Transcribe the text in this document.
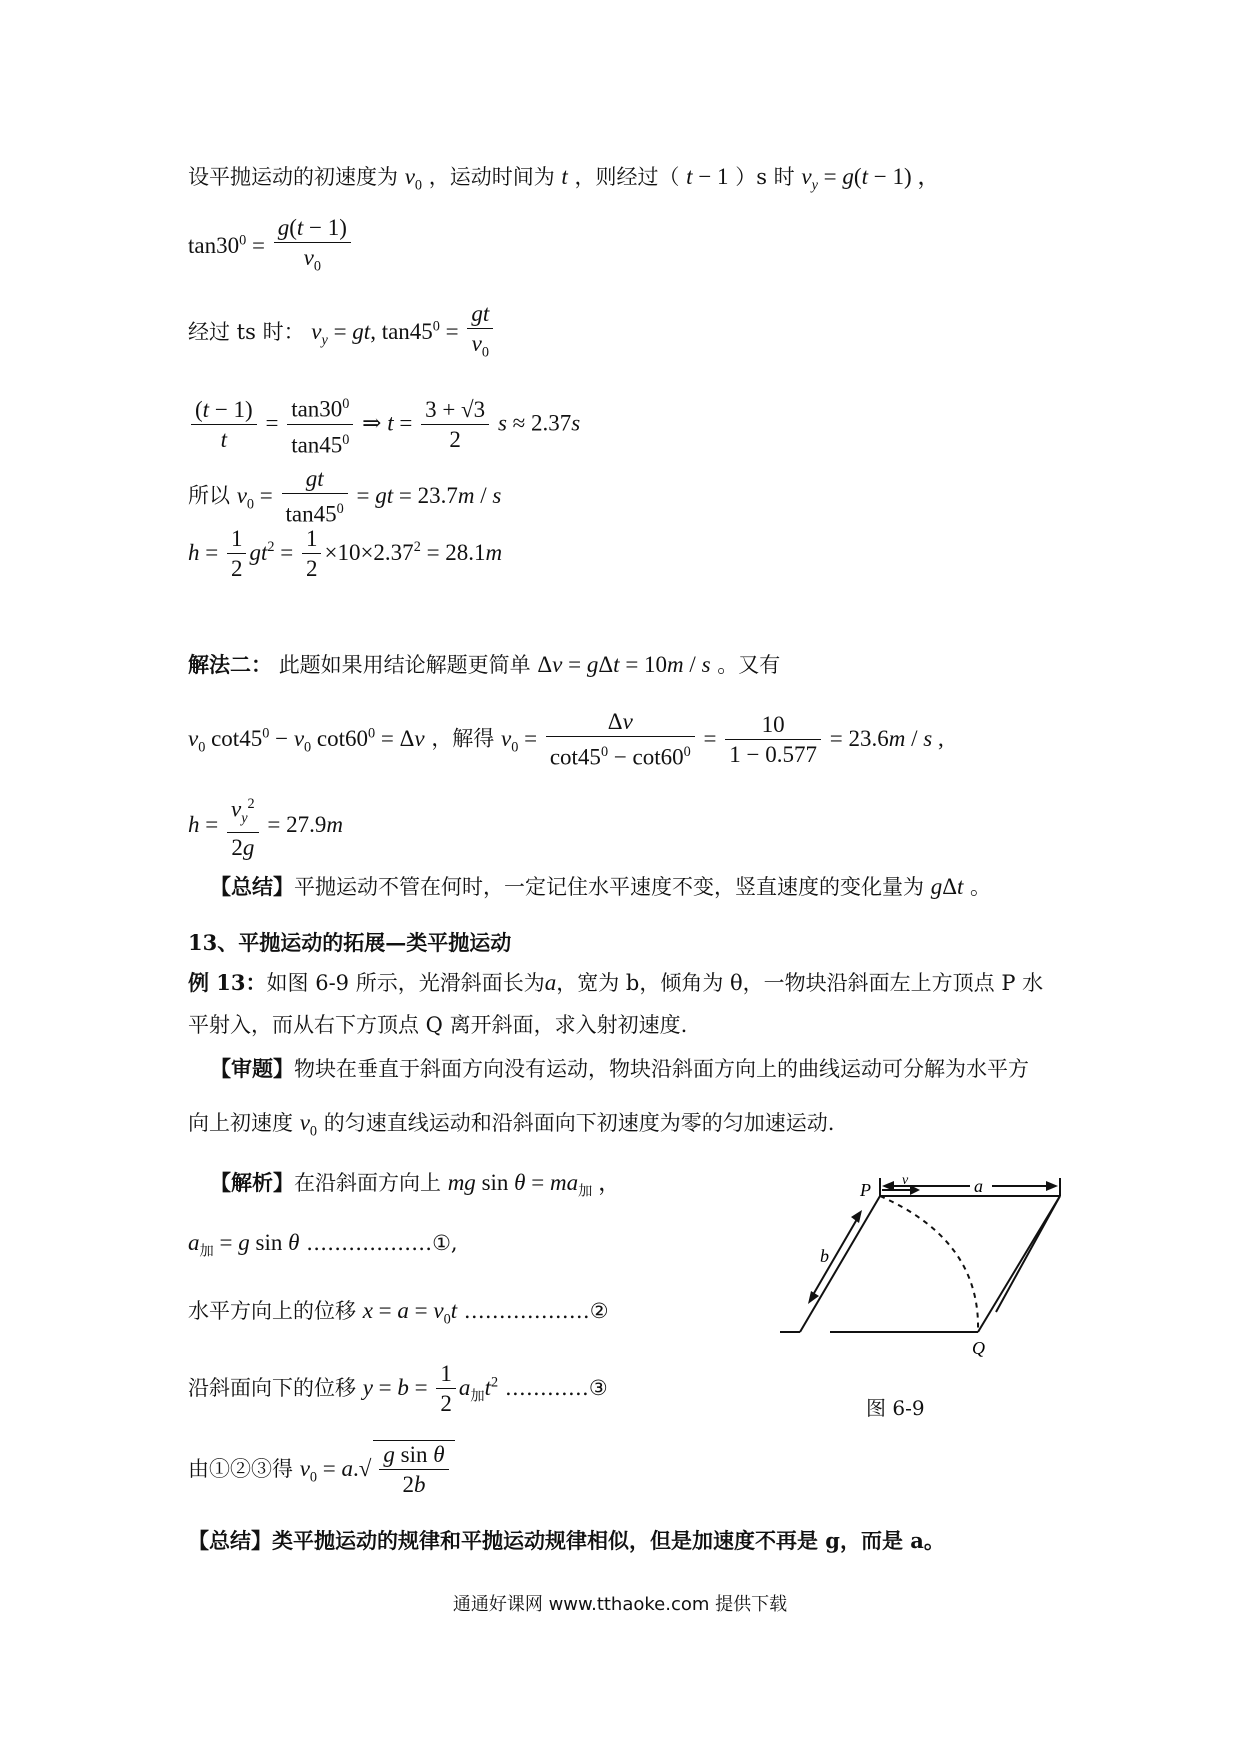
设平抛运动的初速度为 $v_0$ ，运动时间为 t ，则经过（ t − 1 ）s 时 $v_y = g(t - 1)$ ，
$\tan 30^0 = \frac{g(t - 1)}{v_0}$
经过 ts 时： $v_y$ = gt, $\tan 45^0 = \frac{gt}{v_0}$
$\frac{(t - 1)}{t} = \frac{\tan 30^0}{\tan 45^0}$ ⇒ $t = \frac{3 + √3}{2}$ s ≈ 2.37s
所以 $v_0 = \frac{gt}{\tan 45^0}$ = gt = 23.7m / s
$h = \frac{1}{2} gt^2 = \frac{1}{2} \times 10\times 2.37^2 = 28.1m$
解法二： 此题如果用结论解题更简单 Δv = gΔt = 10m / s 。又有
$v_0$ $\cot 45^0 - v_0$ $\cot 60^0 = \Delta v$ ，解得 $v_0 = \frac{\Delta v}{\cot 45^0 - \cot 60^0} = \frac{10}{1 - 0.577} = 23.6m / s$ ,
$h = \frac{v_y^2}{2g} = 27.9m$
【总结】平抛运动不管在何时，一定记住水平速度不变，竖直速度的变化量为 gΔt 。
13、平抛运动的拓展—类平抛运动
例 13：如图 6-9 所示，光滑斜面长为a，宽为 b，倾角为 θ，一物块沿斜面左上方顶点 P 水
平射入，而从右下方顶点 Q 离开斜面，求入射初速度.
【审题】物块在垂直于斜面方向没有运动，物块沿斜面方向上的曲线运动可分解为水平方
向上初速度 $v_0$ 的匀速直线运动和沿斜面向下初速度为零的匀加速运动.
【解析】在沿斜面方向上 mg $\sin \theta = ma_加$ ，
$a_加 = g$ sin θ ………………①,
水平方向上的位移 $x = a = v_0t$ ………………②
沿斜面向下的位移 $y = b = \frac{1}{2} a_加t^2$ …………③
由①②③得 $v_0 = a.√ \frac{\text{g sin θ}}{2b}$
P
Q
a
b
v
图 6-9
【总结】类平抛运动的规律和平抛运动规律相似，但是加速度不再是 g，而是 a。
通通好课网 www.tthaoke.com 提供下载
